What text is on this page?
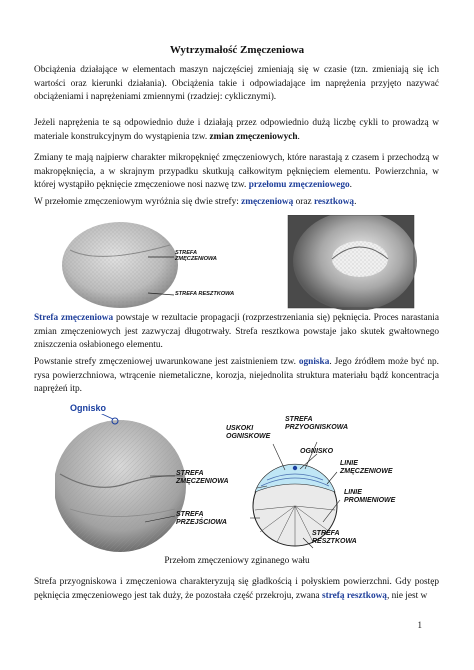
Wytrzymałość Zmęczeniowa

Obciążenia działające w elementach maszyn najczęściej zmieniają się w czasie (tzn. zmieniają się ich wartości oraz kierunki działania). Obciążenia takie i odpowiadające im naprężenia przyjęto nazywać obciążeniami i naprężeniami zmiennymi (rzadziej: cyklicznymi).

Jeżeli naprężenia te są odpowiednio duże i działają przez odpowiednio dużą liczbę cykli to prowadzą w materiale konstrukcyjnym do wystąpienia tzw. zmian zmęczeniowych.

Zmiany te mają najpierw charakter mikropęknięć zmęczeniowych, które narastają z czasem i przechodzą w makropęknięcia, a w skrajnym przypadku skutkują całkowitym pęknięciem elementu. Powierzchnia, w której wystąpiło pęknięcie zmęczeniowe nosi nazwę tzw. przełomu zmęczeniowego.

W przełomie zmęczeniowym wyróżnia się dwie strefy: zmęczeniową oraz resztkową.

STREFA
ZMĘCZENIOWA
STREFA RESZTKOWA

Strefa zmęczeniowa powstaje w rezultacie propagacji (rozprzestrzeniania się) pęknięcia. Proces narastania zmian zmęczeniowych jest zazwyczaj długotrwały. Strefa resztkowa powstaje jako skutek gwałtownego zniszczenia osłabionego elementu.

Powstanie strefy zmęczeniowej uwarunkowane jest zaistnieniem tzw. ogniska. Jego źródłem może być np. rysa powierzchniowa, wtrącenie niemetaliczne, korozja, niejednolita struktura materiału bądź koncentracja naprężeń itp.

Ognisko
USKOKI
OGNISKOWE
STREFA
PRZYOGNISKOWA
OGNISKO
STREFA
ZMĘCZENIOWA
LINIE
ZMĘCZENIOWE
LINIE
PROMIENIOWE
STREFA
PRZEJŚCIOWA
STREFA
RESZTKOWA
Przełom zmęczeniowy zginanego wału

Strefa przyogniskowa i zmęczeniowa charakteryzują się gładkością i połyskiem powierzchni. Gdy postęp pęknięcia zmęczeniowego jest tak duży, że pozostała część przekroju, zwana strefą resztkową, nie jest w

1
